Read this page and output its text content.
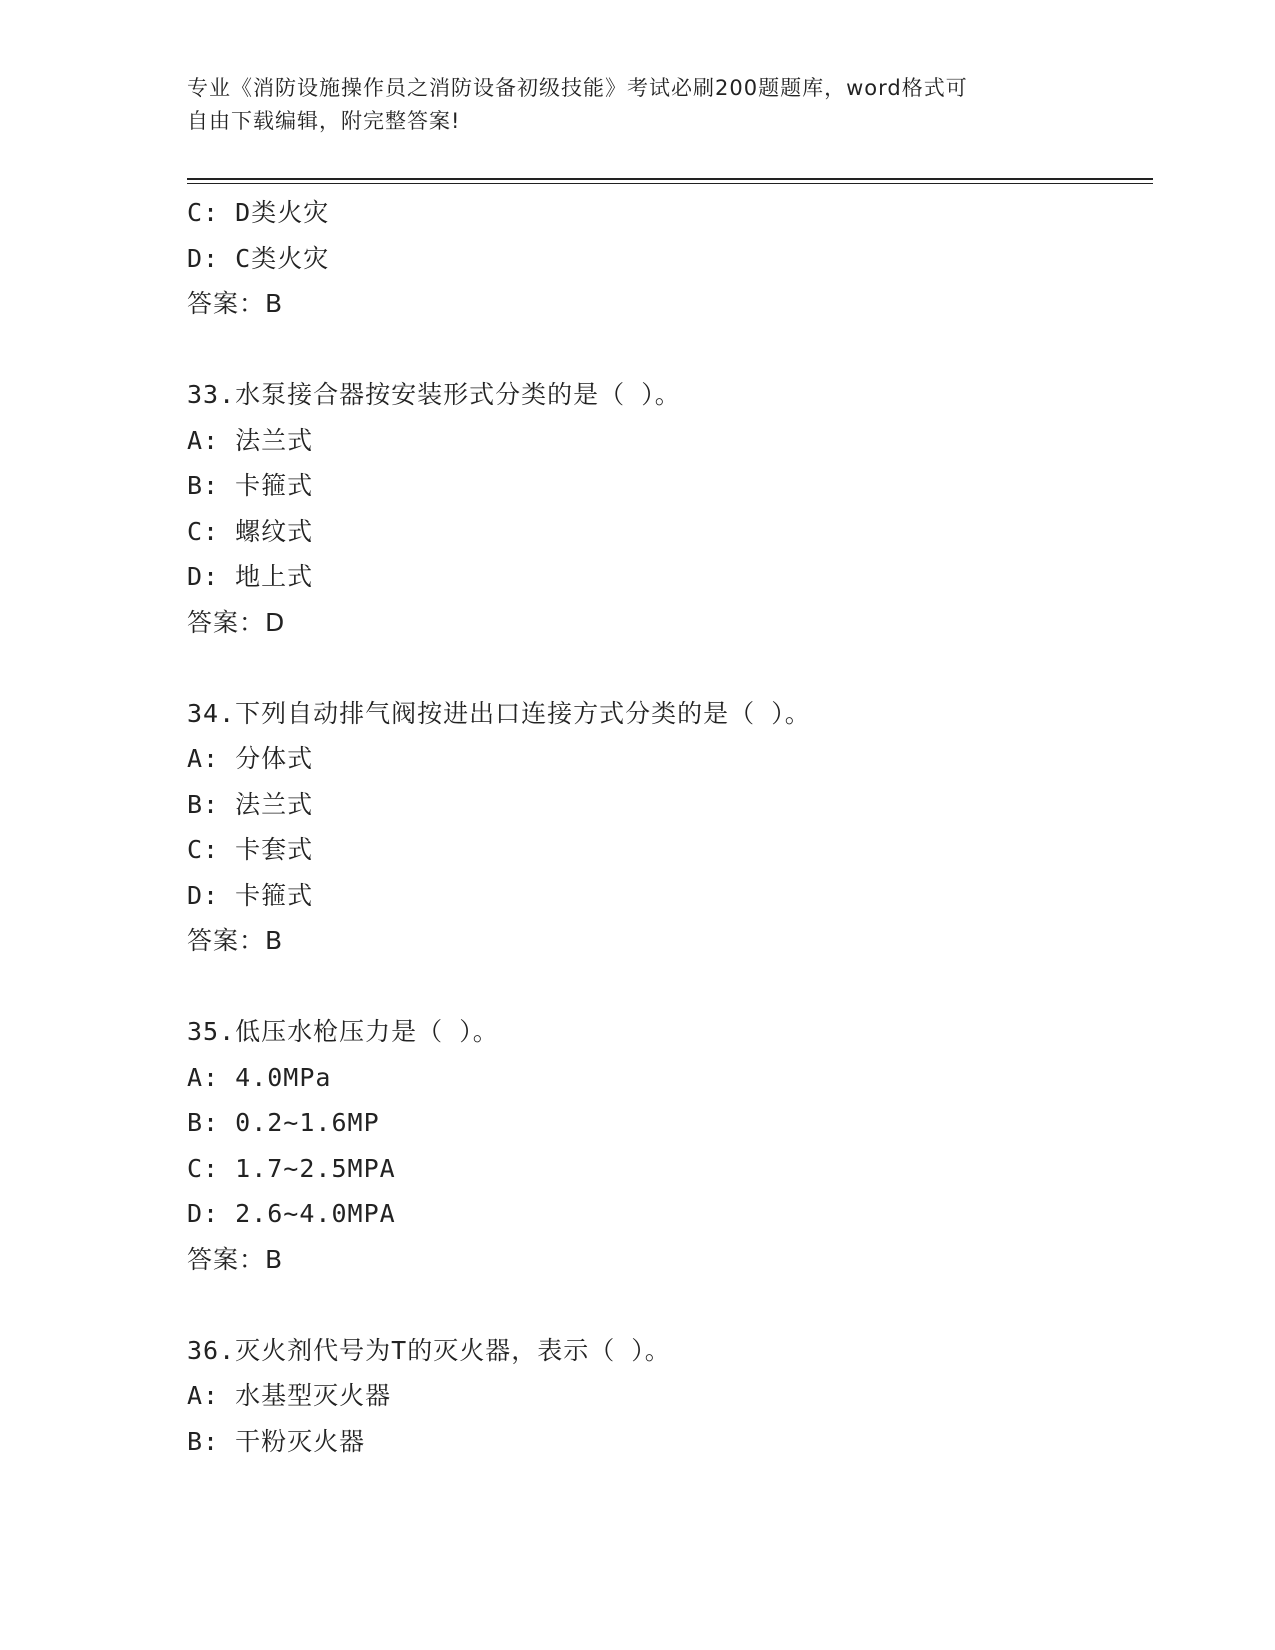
专业《消防设施操作员之消防设备初级技能》考试必刷200题题库，word格式可
自由下载编辑，附完整答案!
C: D类火灾
D: C类火灾
答案：B
33.水泵接合器按安装形式分类的是（ ）。
A: 法兰式
B: 卡箍式
C: 螺纹式
D: 地上式
答案：D
34.下列自动排气阀按进出口连接方式分类的是（ ）。
A: 分体式
B: 法兰式
C: 卡套式
D: 卡箍式
答案：B
35.低压水枪压力是（ ）。
A: 4.0MPa
B: 0.2~1.6MP
C: 1.7~2.5MPA
D: 2.6~4.0MPA
答案：B
36.灭火剂代号为T的灭火器，表示（ ）。
A: 水基型灭火器
B: 干粉灭火器
